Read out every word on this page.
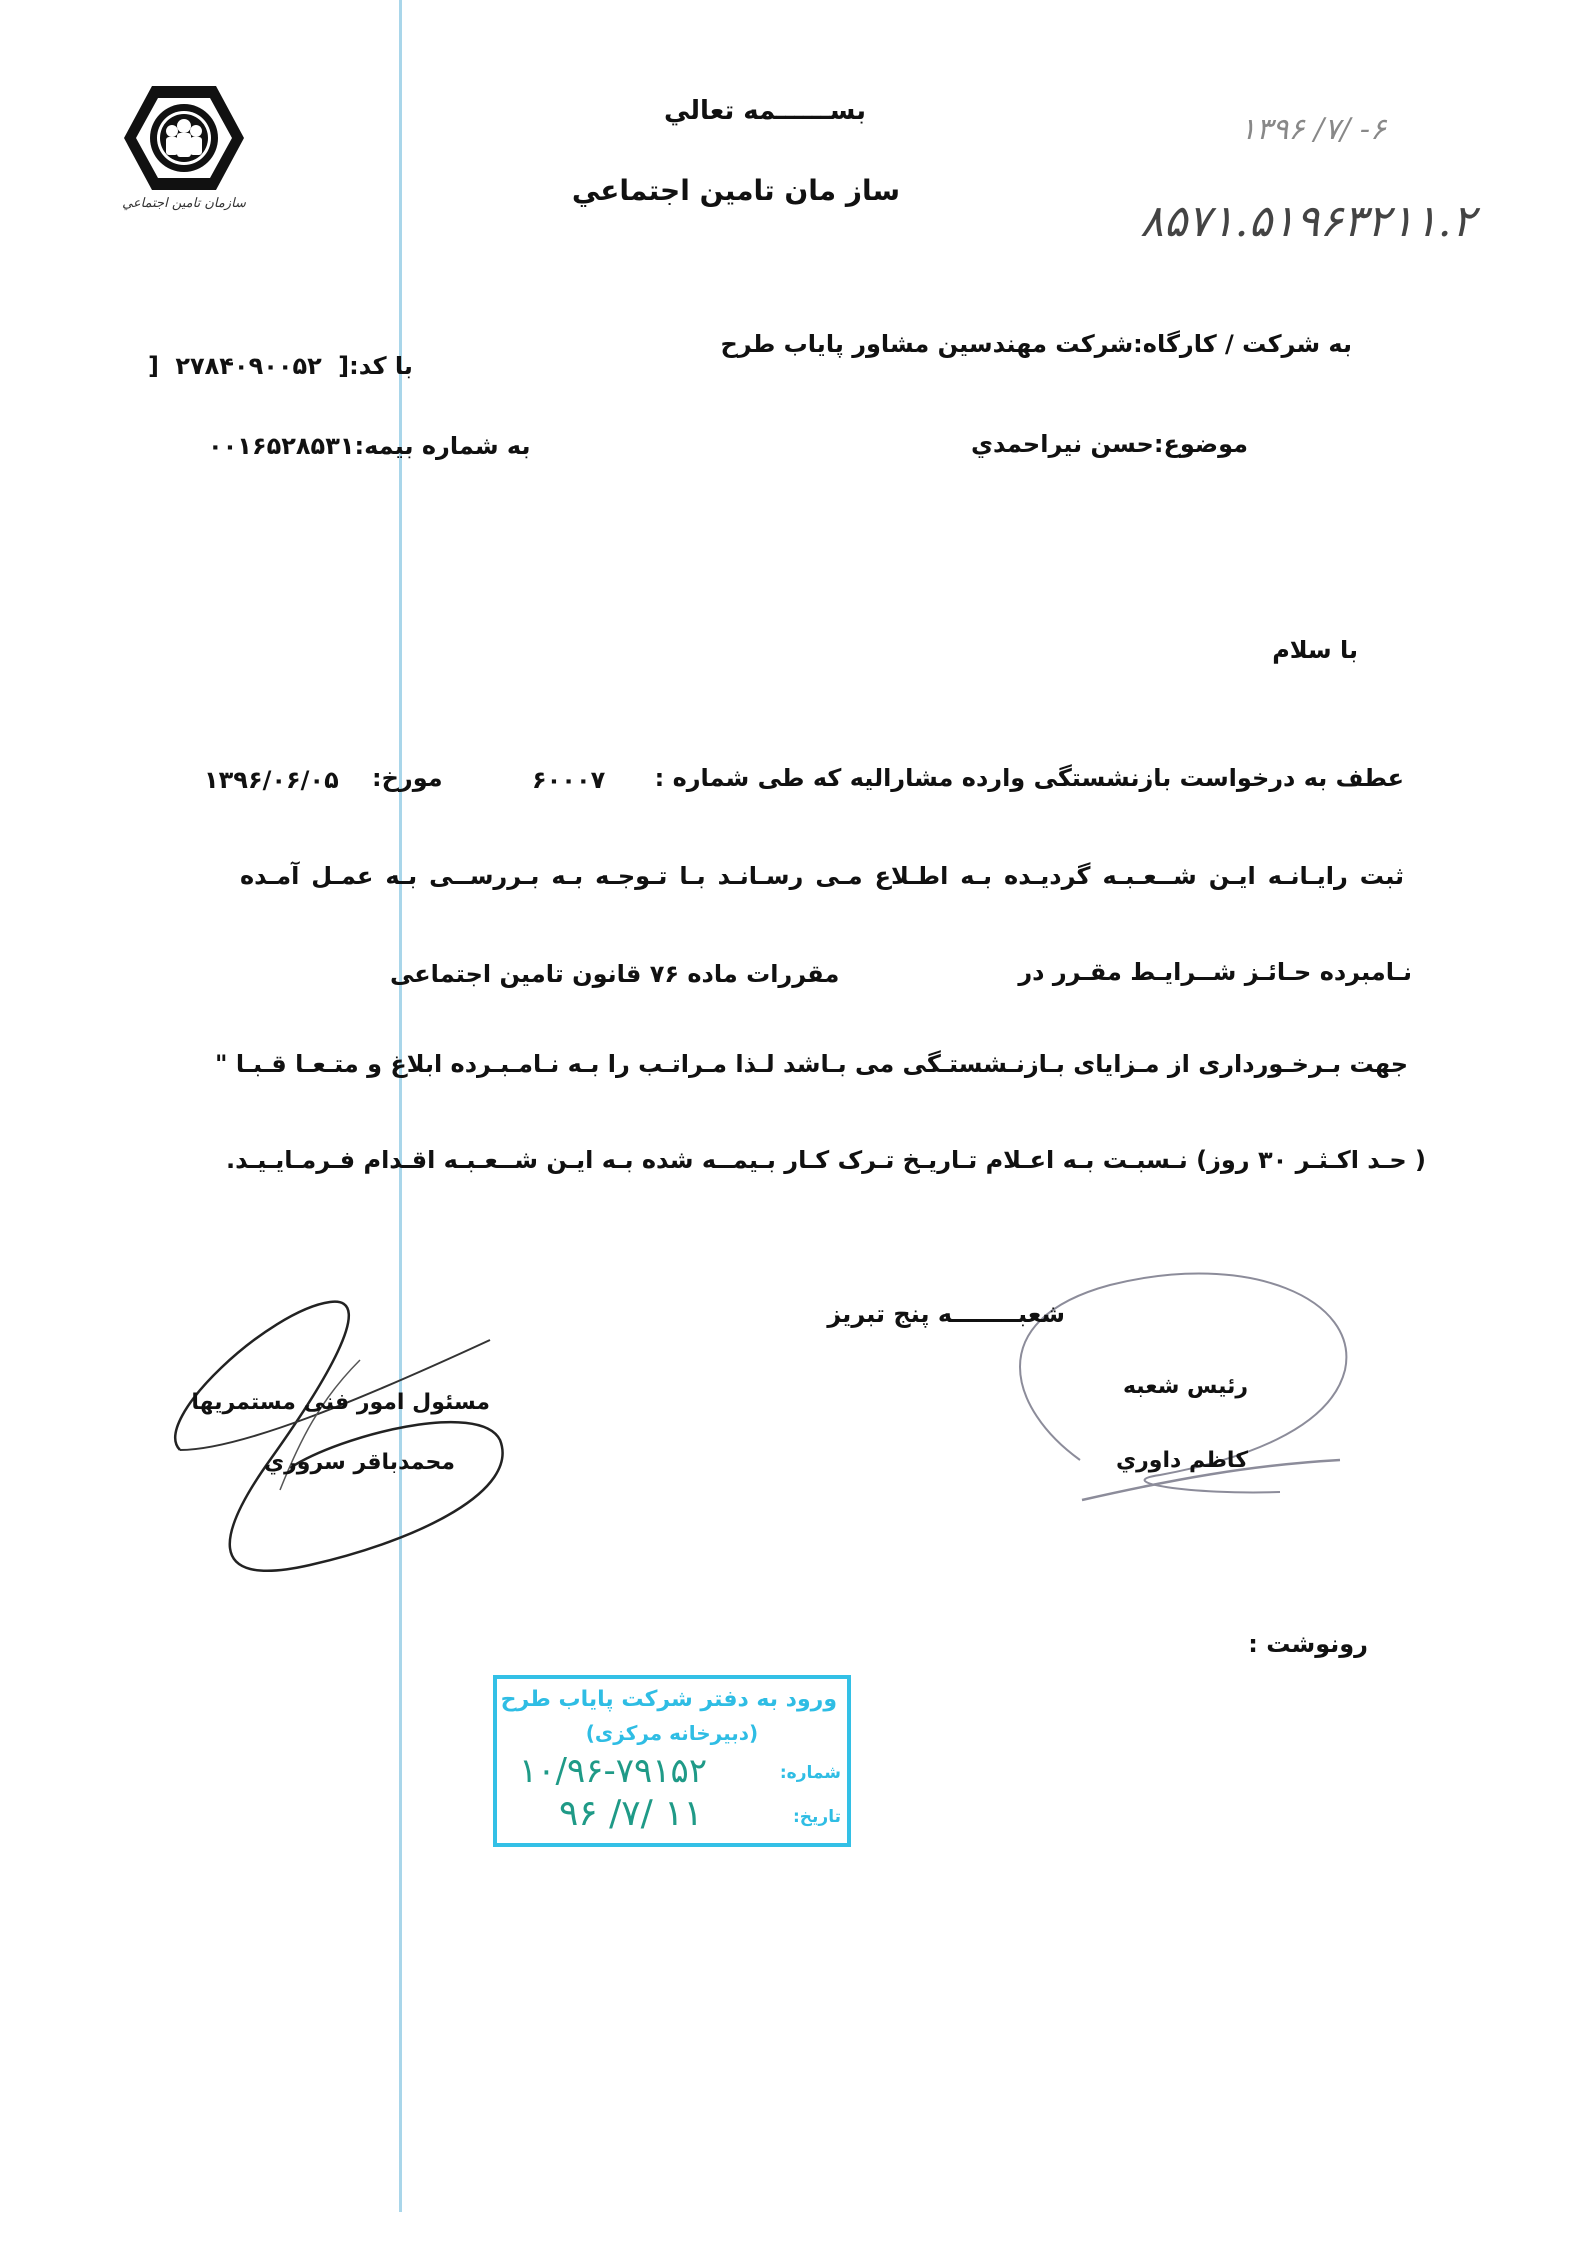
سازمان تامين اجتماعي
بســــــمه تعالي
ساز مان تامين اجتماعي
۱۳۹۶ /۷/ -۶
۸۵۷۱.۵۱۹۶۳۲۱۱.۲
به شرکت / کارگاه:شرکت مهندسين مشاور پاياب طرح
] ۲۷۸۴۰۹۰۰۵۲ با کد:[
موضوع:حسن نيراحمدي
۰۰۱۶۵۲۸۵۳۱به شماره بيمه:
با سلام
عطف به درخواست بازنشستگی وارده مشاراليه که طی شماره :
۶۰۰۰۷
مورخ:
۱۳۹۶/۰۶/۰۵
ثبت رايـانـه ايـن شــعـبـه گرديـده بـه اطـلاع مـی رسـانـد بـا تـوجـه بـه بـررســی بـه عمـل آمـده
نـامبرده حـائـز شــرايـط مقـرر در
مقررات ماده ۷۶ قانون تامين اجتماعی
جهت بـرخـورداری از مـزايای بـازنـشستـگی می بـاشد لـذا مـراتـب را بـه نـامـبـرده ابلاغ و متـعـا قـبـا "
( حـد اکـثـر ۳۰ روز) نـسبـت بـه اعـلام تـاريـخ تـرک کـار بـيمــه شده بـه ايـن شــعـبـه اقـدام فـرمـايـيـد.
شعبــــــــه پنج تبريز
رئيس شعبه
کاظم داوري
مسئول امور فنی مستمريها
محمدباقر سروري
رونوشت :
ورود به دفتر شركت پاياب طرح
(دبيرخانه مركزى)
شماره:
۱۰/۹۶-۷۹۱۵۲
تاريخ:
۹۶ /۷/ ۱۱
